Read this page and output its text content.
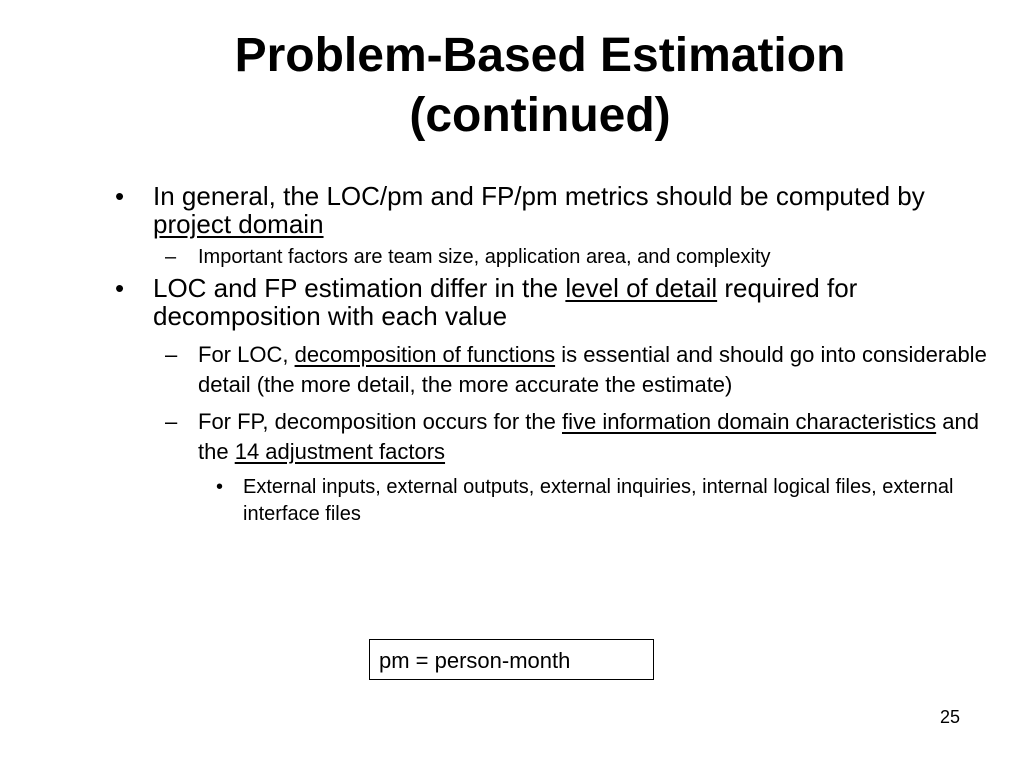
Problem-Based Estimation
(continued)
• In general, the LOC/pm and FP/pm metrics should be computed by project domain
– Important factors are team size, application area, and complexity
• LOC and FP estimation differ in the level of detail required for decomposition with each value
– For LOC, decomposition of functions is essential and should go into considerable detail (the more detail, the more accurate the estimate)
– For FP, decomposition occurs for the five information domain characteristics and the 14 adjustment factors
• External inputs, external outputs, external inquiries, internal logical files, external interface files
pm = person-month
25
